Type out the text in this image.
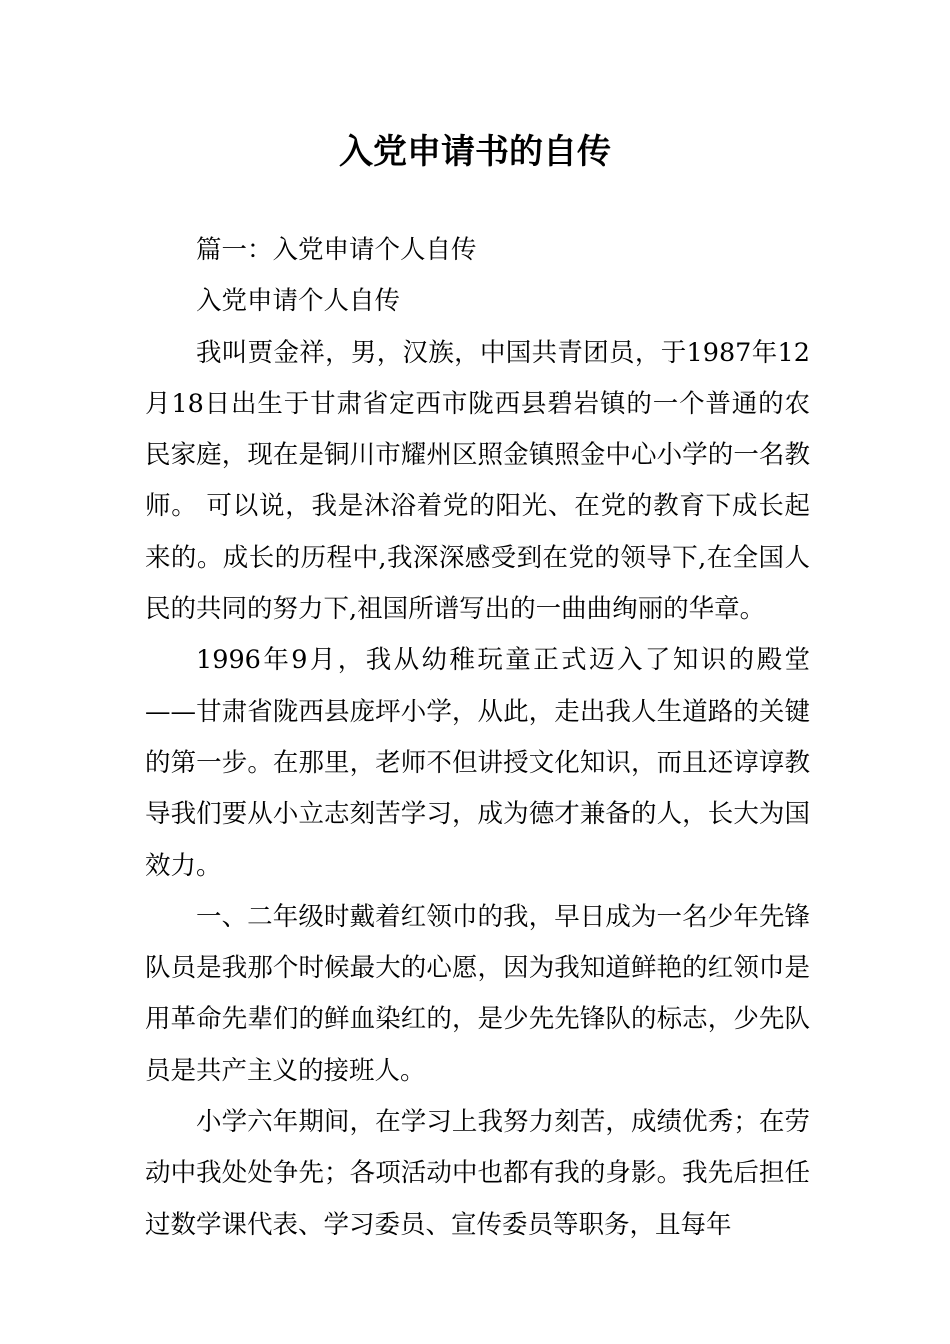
入党申请书的自传

篇一：入党申请个人自传

入党申请个人自传

我叫贾金祥，男，汉族，中国共青团员，于1987年12月18日出生于甘肃省定西市陇西县碧岩镇的一个普通的农民家庭，现在是铜川市耀州区照金镇照金中心小学的一名教师。 可以说，我是沐浴着党的阳光、在党的教育下成长起来的。成长的历程中,我深深感受到在党的领导下,在全国人民的共同的努力下,祖国所谱写出的一曲曲绚丽的华章。

1996年9月，我从幼稚玩童正式迈入了知识的殿堂——甘肃省陇西县庞坪小学，从此，走出我人生道路的关键的第一步。在那里，老师不但讲授文化知识，而且还谆谆教导我们要从小立志刻苦学习，成为德才兼备的人，长大为国效力。

一、二年级时戴着红领巾的我，早日成为一名少年先锋队员是我那个时候最大的心愿，因为我知道鲜艳的红领巾是用革命先辈们的鲜血染红的，是少先先锋队的标志，少先队员是共产主义的接班人。

小学六年期间，在学习上我努力刻苦，成绩优秀；在劳动中我处处争先；各项活动中也都有我的身影。我先后担任过数学课代表、学习委员、宣传委员等职务，且每年
